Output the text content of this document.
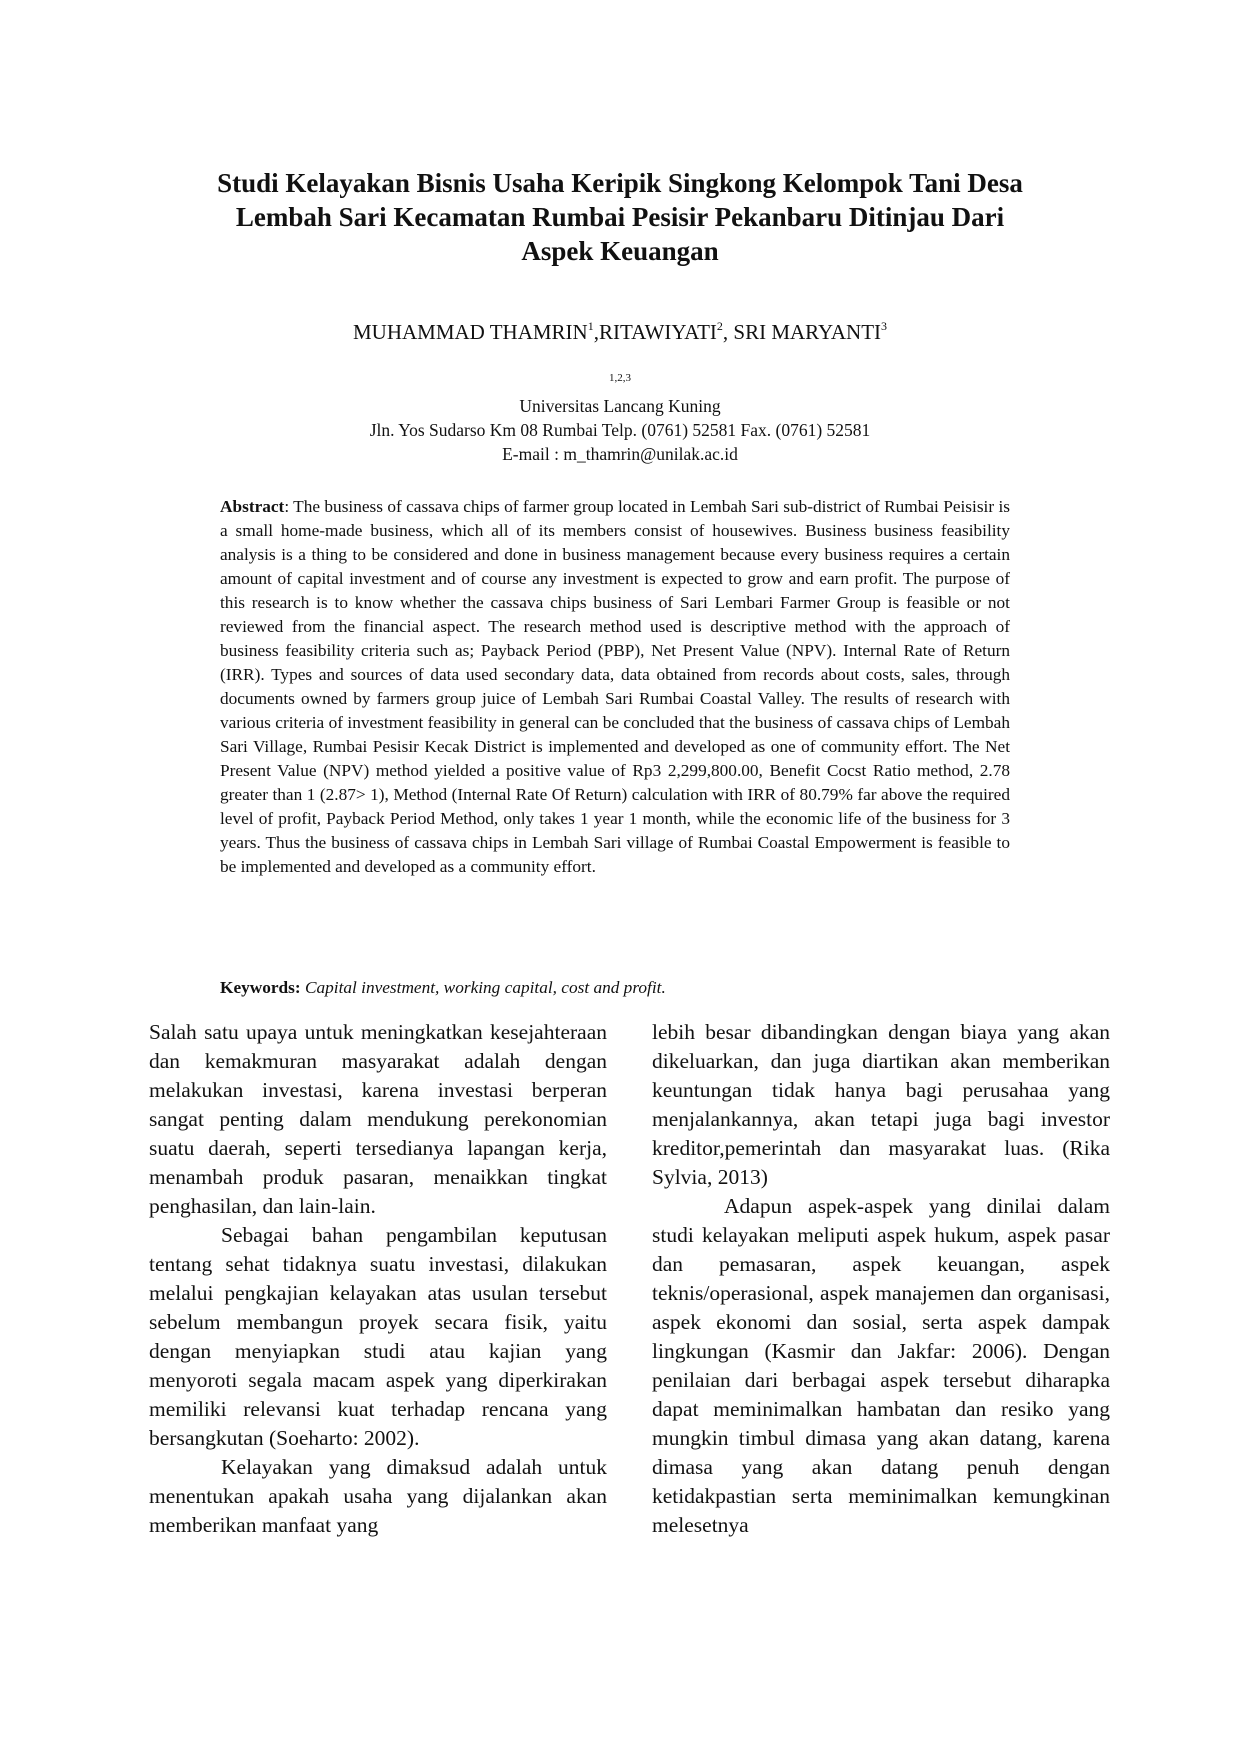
Studi Kelayakan Bisnis Usaha Keripik Singkong Kelompok Tani Desa
Lembah Sari Kecamatan Rumbai Pesisir Pekanbaru Ditinjau Dari
Aspek Keuangan
MUHAMMAD THAMRIN$^1$,RITAWIYATI$^2$, SRI MARYANTI$^3$
$^{1,2,3}$
Universitas Lancang Kuning
Jln. Yos Sudarso Km 08 Rumbai Telp. (0761) 52581 Fax. (0761) 52581
E-mail : m_thamrin@unilak.ac.id

Abstract: The business of cassava chips of farmer group located in Lembah Sari sub-district of Rumbai Peisisir is a small home-made business, which all of its members consist of housewives. Business business feasibility analysis is a thing to be considered and done in business management because every business requires a certain amount of capital investment and of course any investment is expected to grow and earn profit. The purpose of this research is to know whether the cassava chips business of Sari Lembari Farmer Group is feasible or not reviewed from the financial aspect. The research method used is descriptive method with the approach of business feasibility criteria such as; Payback Period (PBP), Net Present Value (NPV). Internal Rate of Return (IRR). Types and sources of data used secondary data, data obtained from records about costs, sales, through documents owned by farmers group juice of Lembah Sari Rumbai Coastal Valley. The results of research with various criteria of investment feasibility in general can be concluded that the business of cassava chips of Lembah Sari Village, Rumbai Pesisir Kecak District is implemented and developed as one of community effort. The Net Present Value (NPV) method yielded a positive value of Rp3 2,299,800.00, Benefit Cocst Ratio method, 2.78 greater than 1 (2.87> 1), Method (Internal Rate Of Return) calculation with IRR of 80.79% far above the required level of profit, Payback Period Method, only takes 1 year 1 month, while the economic life of the business for 3 years. Thus the business of cassava chips in Lembah Sari village of Rumbai Coastal Empowerment is feasible to be implemented and developed as a community effort.

Keywords: Capital investment, working capital, cost and profit.

Salah satu upaya untuk meningkatkan kesejahteraan dan kemakmuran masyarakat adalah dengan melakukan investasi, karena investasi berperan sangat penting dalam mendukung perekonomian suatu daerah, seperti tersedianya lapangan kerja, menambah produk pasaran, menaikkan tingkat penghasilan, dan lain-lain.

Sebagai bahan pengambilan keputusan tentang sehat tidaknya suatu investasi, dilakukan melalui pengkajian kelayakan atas usulan tersebut sebelum membangun proyek secara fisik, yaitu dengan menyiapkan studi atau kajian yang menyoroti segala macam aspek yang diperkirakan memiliki relevansi kuat terhadap rencana yang bersangkutan (Soeharto: 2002).

Kelayakan yang dimaksud adalah untuk menentukan apakah usaha yang dijalankan akan memberikan manfaat yang

lebih besar dibandingkan dengan biaya yang akan dikeluarkan, dan juga diartikan akan memberikan keuntungan tidak hanya bagi perusahaa yang menjalankannya, akan tetapi juga bagi investor kreditor,pemerintah dan masyarakat luas. (Rika Sylvia, 2013)

Adapun aspek-aspek yang dinilai dalam studi kelayakan meliputi aspek hukum, aspek pasar dan pemasaran, aspek keuangan, aspek teknis/operasional, aspek manajemen dan organisasi, aspek ekonomi dan sosial, serta aspek dampak lingkungan (Kasmir dan Jakfar: 2006). Dengan penilaian dari berbagai aspek tersebut diharapka dapat meminimalkan hambatan dan resiko yang mungkin timbul dimasa yang akan datang, karena dimasa yang akan datang penuh dengan ketidakpastian serta meminimalkan kemungkinan melesetnya
